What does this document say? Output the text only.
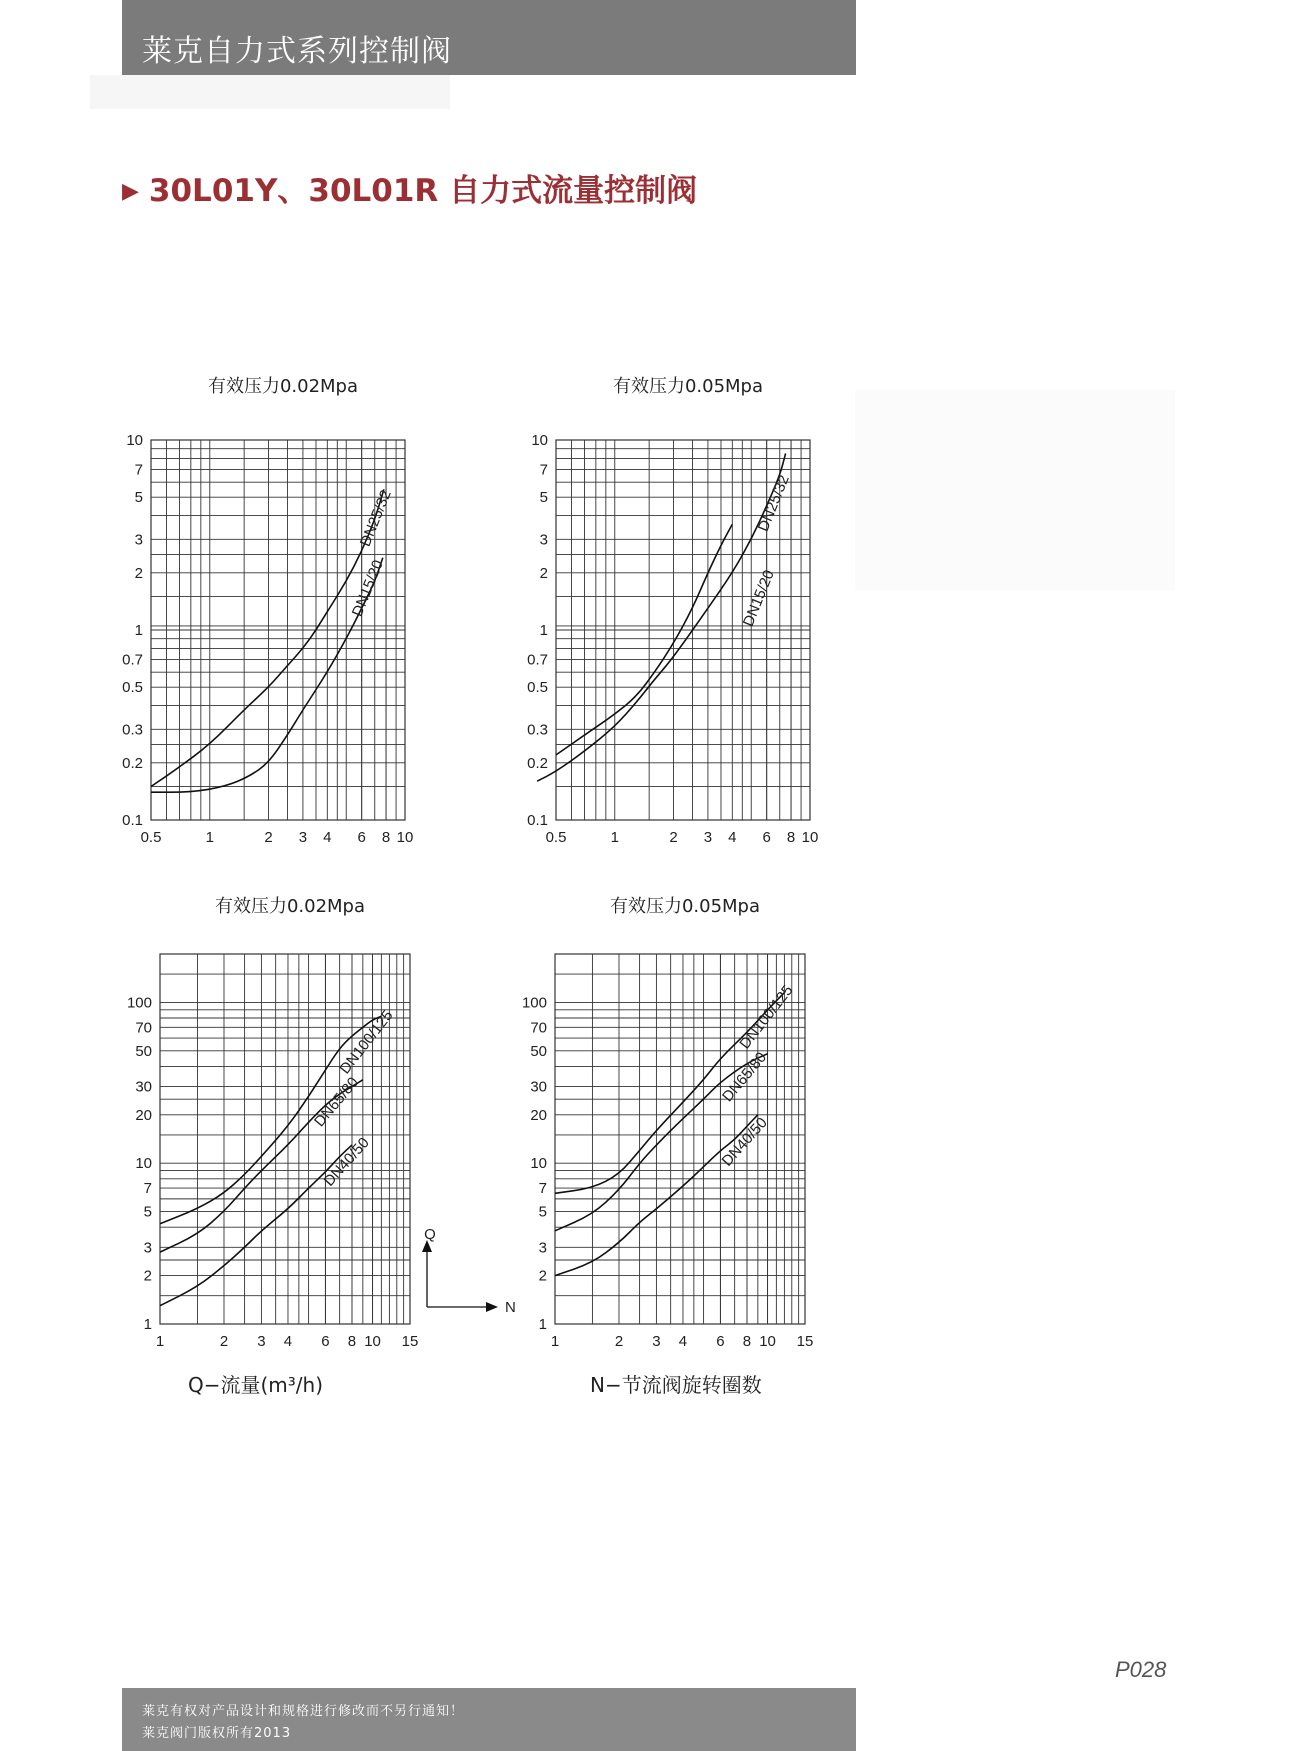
莱克自力式系列控制阀
▶ 30L01Y、30L01R 自力式流量控制阀
Q
N
Q−流量(m³/h)	N−节流阀旋转圈数
有效压力0.02Mpa
0.5	1	2 3 4 6 8 10
0.1
0.2
0.3
0.5
0.7
1
2
3
5
7
10
DN25/32
DN15/20
有效压力0.05Mpa
0.5	1	2 3 4 6 8 10
0.1
0.2
0.3
0.5
0.7
1
2
3
5
7
10
DN25/32
DN15/20
有效压力0.02Mpa
1	2 3 4 6 8 10 15
1
2
3
5
7
10
20
30
50
70
100
DN100/125
DN65/80
DN40/50
有效压力0.05Mpa
1	2 3 4 6 8 10 15
1
2
3
5
7
10
20
30
50
70
100	DN100/125
DN65/80
DN40/50
P028
莱克有权对产品设计和规格进行修改而不另行通知！
莱克阀门版权所有2013
